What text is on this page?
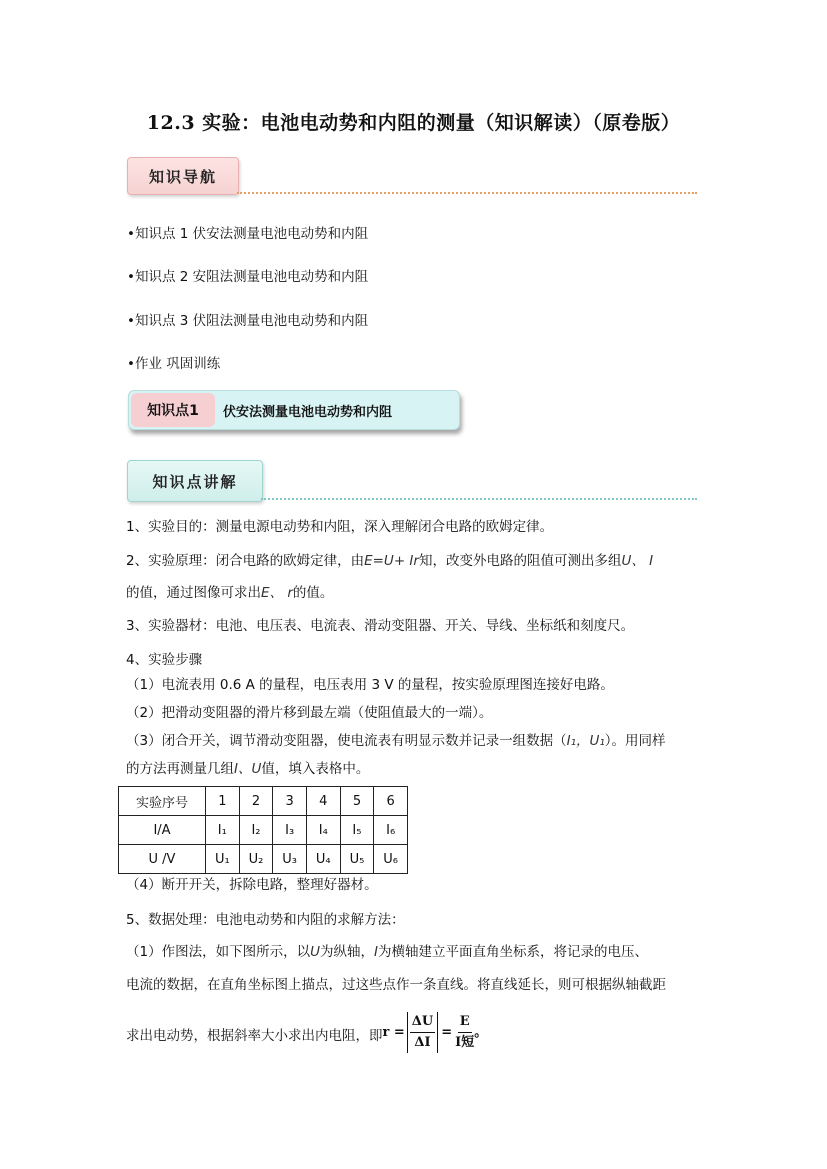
12.3 实验：电池电动势和内阻的测量（知识解读）（原卷版）
知识导航
•知识点 1 伏安法测量电池电动势和内阻
•知识点 2 安阻法测量电池电动势和内阻
•知识点 3 伏阻法测量电池电动势和内阻
•作业 巩固训练
知识点1	伏安法测量电池电动势和内阻
知识点讲解
1、实验目的：测量电源电动势和内阻，深入理解闭合电路的欧姆定律。
2、实验原理：闭合电路的欧姆定律，由E=U+ Ir知，改变外电路的阻值可测出多组U、 I
的值，通过图像可求出E、 r的值。
3、实验器材：电池、电压表、电流表、滑动变阻器、开关、导线、坐标纸和刻度尺。
4、实验步骤
（1）电流表用 0.6 A 的量程，电压表用 3 V 的量程，按实验原理图连接好电路。
（2）把滑动变阻器的滑片移到最左端（使阻值最大的一端）。
（3）闭合开关，调节滑动变阻器，使电流表有明显示数并记录一组数据（I₁，U₁）。用同样
的方法再测量几组I、U值，填入表格中。
实验序号	1	2	3	4	5	6
I/A	I₁	I₂	I₃	I₄	I₅	I₆
U /V	U₁	U₂	U₃	U₄	U₅	U₆
（4）断开开关，拆除电路，整理好器材。
5、数据处理：电池电动势和内阻的求解方法：
（1）作图法，如下图所示，以U为纵轴，I为横轴建立平面直角坐标系，将记录的电压、
电流的数据，在直角坐标图上描点，过这些点作一条直线。将直线延长，则可根据纵轴截距
求出电动势，根据斜率大小求出内电阻，即 $r = \frac{\Delta U}{\Delta I} = \frac{E}{\text{I短}}$ 。
